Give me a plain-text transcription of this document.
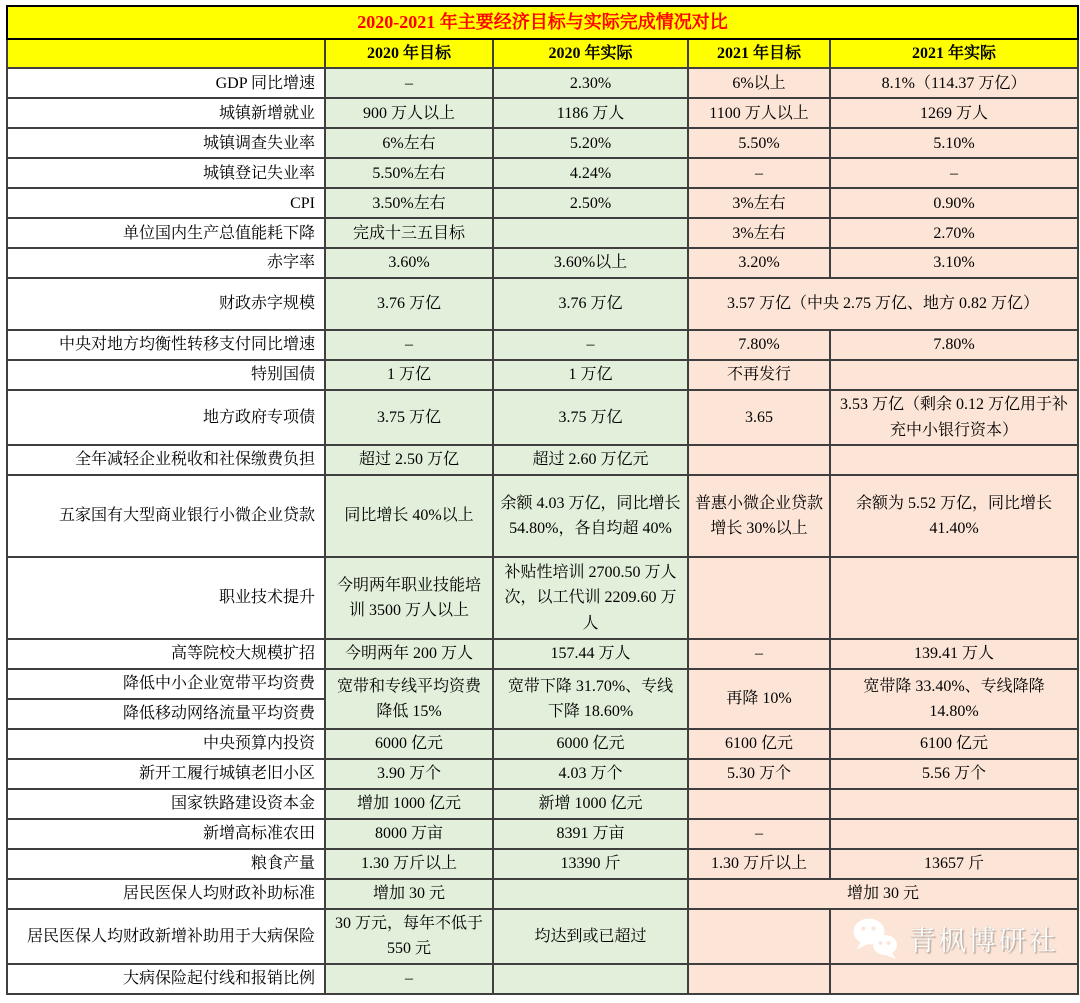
2020-2021 年主要经济目标与实际完成情况对比				
	2020 年目标	2020 年实际	2021 年目标	2021 年实际
GDP 同比增速	–	2.30%	6%以上	8.1%（114.37 万亿）
城镇新增就业	900 万人以上	1186 万人	1100 万人以上	1269 万人
城镇调查失业率	6%左右	5.20%	5.50%	5.10%
城镇登记失业率	5.50%左右	4.24%	–	–
CPI	3.50%左右	2.50%	3%左右	0.90%
单位国内生产总值能耗下降	完成十三五目标		3%左右	2.70%
赤字率	3.60%	3.60%以上	3.20%	3.10%
财政赤字规模	3.76 万亿	3.76 万亿	3.57 万亿（中央 2.75 万亿、地方 0.82 万亿）	
中央对地方均衡性转移支付同比增速	–	–	7.80%	7.80%
特别国债	1 万亿	1 万亿	不再发行	
地方政府专项债	3.75 万亿	3.75 万亿	3.65	3.53 万亿（剩余 0.12 万亿用于补充中小银行资本）
全年减轻企业税收和社保缴费负担	超过 2.50 万亿	超过 2.60 万亿元		
五家国有大型商业银行小微企业贷款	同比增长 40%以上	余额 4.03 万亿，同比增长 54.80%，各自均超 40%	普惠小微企业贷款增长 30%以上	余额为 5.52 万亿，同比增长 41.40%
职业技术提升	今明两年职业技能培训 3500 万人以上	补贴性培训 2700.50 万人次，以工代训 2209.60 万人		
高等院校大规模扩招	今明两年 200 万人	157.44 万人	–	139.41 万人
降低中小企业宽带平均资费	宽带和专线平均资费降低 15%	宽带下降 31.70%、专线下降 18.60%	再降 10%	宽带降 33.40%、专线降降 14.80%
降低移动网络流量平均资费				
中央预算内投资	6000 亿元	6000 亿元	6100 亿元	6100 亿元
新开工履行城镇老旧小区	3.90 万个	4.03 万个	5.30 万个	5.56 万个
国家铁路建设资本金	增加 1000 亿元	新增 1000 亿元		
新增高标准农田	8000 万亩	8391 万亩	–	
粮食产量	1.30 万斤以上	13390 斤	1.30 万斤以上	13657 斤
居民医保人均财政补助标准	增加 30 元		增加 30 元	
居民医保人均财政新增补助用于大病保险	30 万元，每年不低于 550 元	均达到或已超过		
大病保险起付线和报销比例	–			
青枫博研社
